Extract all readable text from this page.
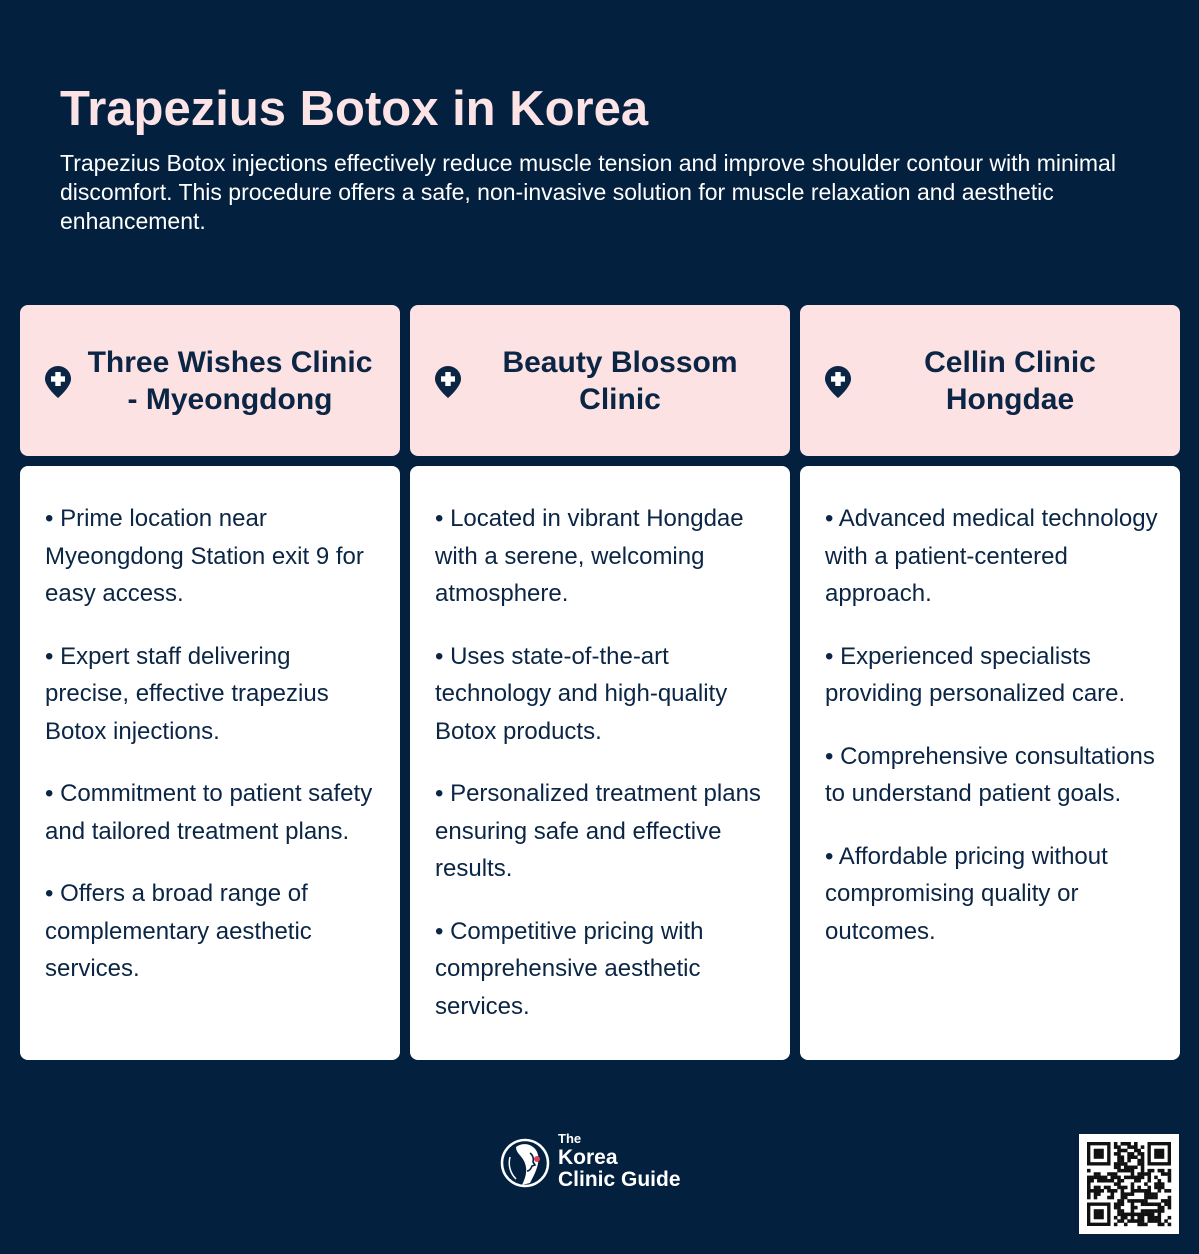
Trapezius Botox in Korea

Trapezius Botox injections effectively reduce muscle tension and improve shoulder contour with minimal discomfort. This procedure offers a safe, non-invasive solution for muscle relaxation and aesthetic enhancement.

Three Wishes Clinic - Myeongdong
• Prime location near Myeongdong Station exit 9 for easy access.
• Expert staff delivering precise, effective trapezius Botox injections.
• Commitment to patient safety and tailored treatment plans.
• Offers a broad range of complementary aesthetic services.
Beauty Blossom Clinic
• Located in vibrant Hongdae with a serene, welcoming atmosphere.
• Uses state-of-the-art technology and high-quality Botox products.
• Personalized treatment plans ensuring safe and effective results.
• Competitive pricing with comprehensive aesthetic services.
Cellin Clinic Hongdae
• Advanced medical technology with a patient-centered approach.
• Experienced specialists providing personalized care.
• Comprehensive consultations to understand patient goals.
• Affordable pricing without compromising quality or outcomes.
The
Korea
Clinic Guide
